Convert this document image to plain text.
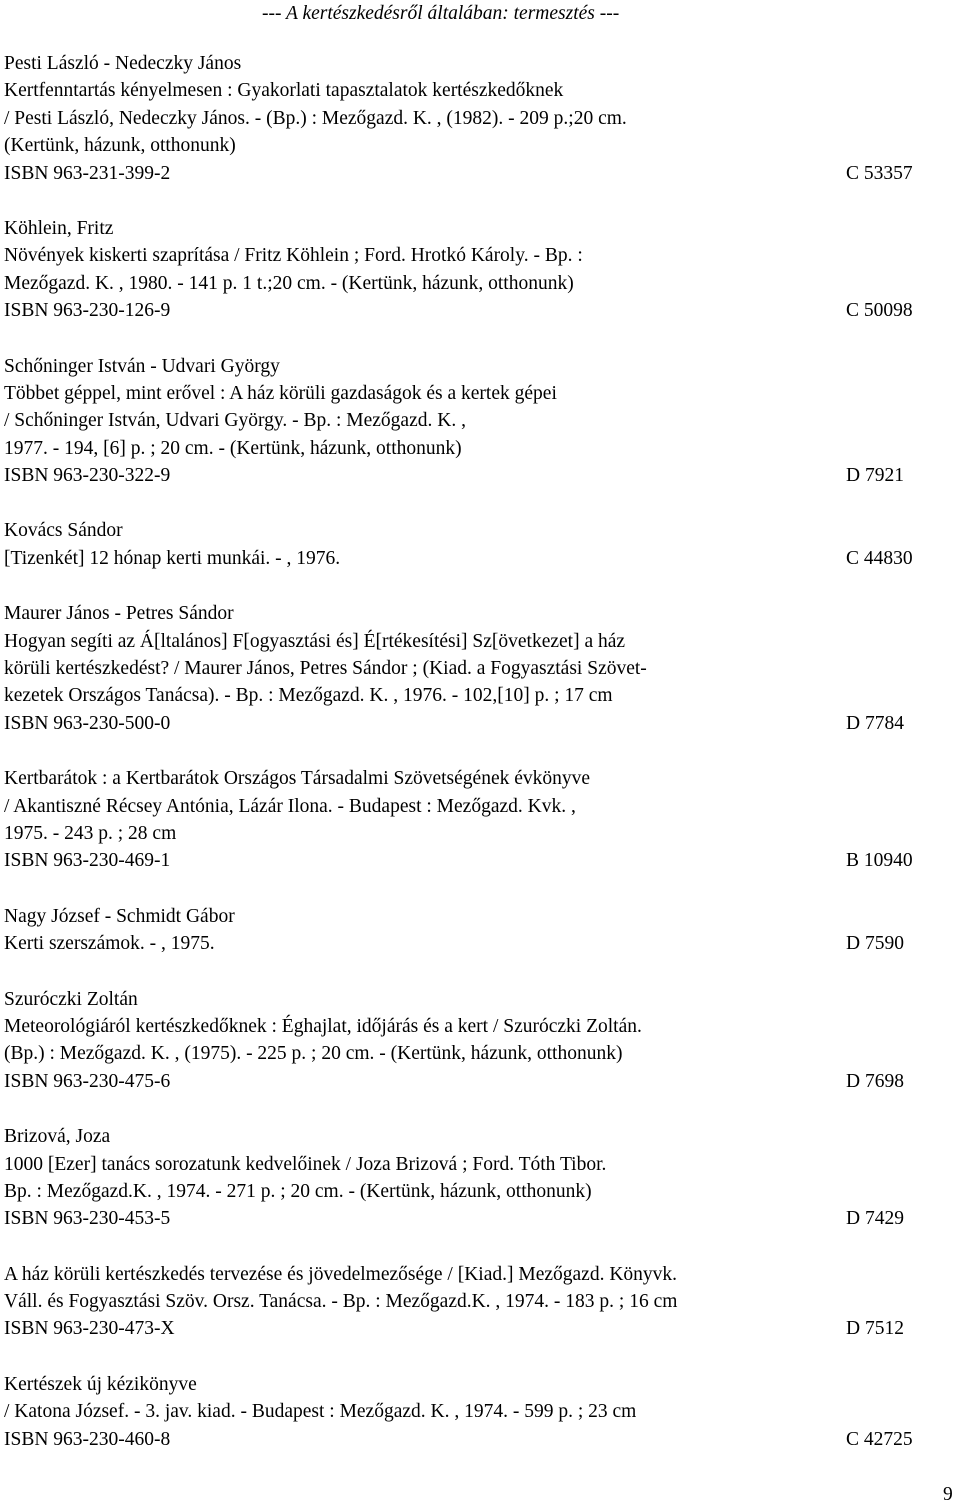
--- A kertészkedésről általában: termesztés ---
Pesti László - Nedeczky János
Kertfenntartás kényelmesen : Gyakorlati tapasztalatok kertészkedőknek
/ Pesti László, Nedeczky János. - (Bp.) : Mezőgazd. K. , (1982). - 209 p.;20 cm.
(Kertünk, házunk, otthonunk)
ISBN 963-231-399-2	C 53357
Köhlein, Fritz
Növények kiskerti szaprítása / Fritz Köhlein ; Ford. Hrotkó Károly. - Bp. :
Mezőgazd. K. , 1980. - 141 p. 1 t.;20 cm. - (Kertünk, házunk, otthonunk)
ISBN 963-230-126-9	C 50098
Schőninger István - Udvari György
Többet géppel, mint erővel : A ház körüli gazdaságok és a kertek gépei
/ Schőninger István, Udvari György. - Bp. : Mezőgazd. K. ,
1977. - 194, [6] p. ; 20 cm. - (Kertünk, házunk, otthonunk)
ISBN 963-230-322-9	D 7921
Kovács Sándor
[Tizenkét] 12 hónap kerti munkái. - , 1976.	C 44830
Maurer János - Petres Sándor
Hogyan segíti az Á[ltalános] F[ogyasztási és] É[rtékesítési] Sz[övetkezet] a ház
körüli kertészkedést? / Maurer János, Petres Sándor ; (Kiad. a Fogyasztási Szövet-
kezetek Országos Tanácsa). - Bp. : Mezőgazd. K. , 1976. - 102,[10] p. ; 17 cm
ISBN 963-230-500-0	D 7784
Kertbarátok : a Kertbarátok Országos Társadalmi Szövetségének évkönyve
/ Akantiszné Récsey Antónia, Lázár Ilona. - Budapest : Mezőgazd. Kvk. ,
1975. - 243 p. ; 28 cm
ISBN 963-230-469-1	B 10940
Nagy József - Schmidt Gábor
Kerti szerszámok. - , 1975.	D 7590
Szuróczki Zoltán
Meteorológiáról kertészkedőknek : Éghajlat, időjárás és a kert / Szuróczki Zoltán.
(Bp.) : Mezőgazd. K. , (1975). - 225 p. ; 20 cm. - (Kertünk, házunk, otthonunk)
ISBN 963-230-475-6	D 7698
Brizová, Joza
1000 [Ezer] tanács sorozatunk kedvelőinek / Joza Brizová ; Ford. Tóth Tibor.
Bp. : Mezőgazd.K. , 1974. - 271 p. ; 20 cm. - (Kertünk, házunk, otthonunk)
ISBN 963-230-453-5	D 7429
A ház körüli kertészkedés tervezése és jövedelmezősége / [Kiad.] Mezőgazd. Könyvk.
Váll. és Fogyasztási Szöv. Orsz. Tanácsa. - Bp. : Mezőgazd.K. , 1974. - 183 p. ; 16 cm
ISBN 963-230-473-X	D 7512
Kertészek új kézikönyve
/ Katona József. - 3. jav. kiad. - Budapest : Mezőgazd. K. , 1974. - 599 p. ; 23 cm
ISBN 963-230-460-8	C 42725
9
